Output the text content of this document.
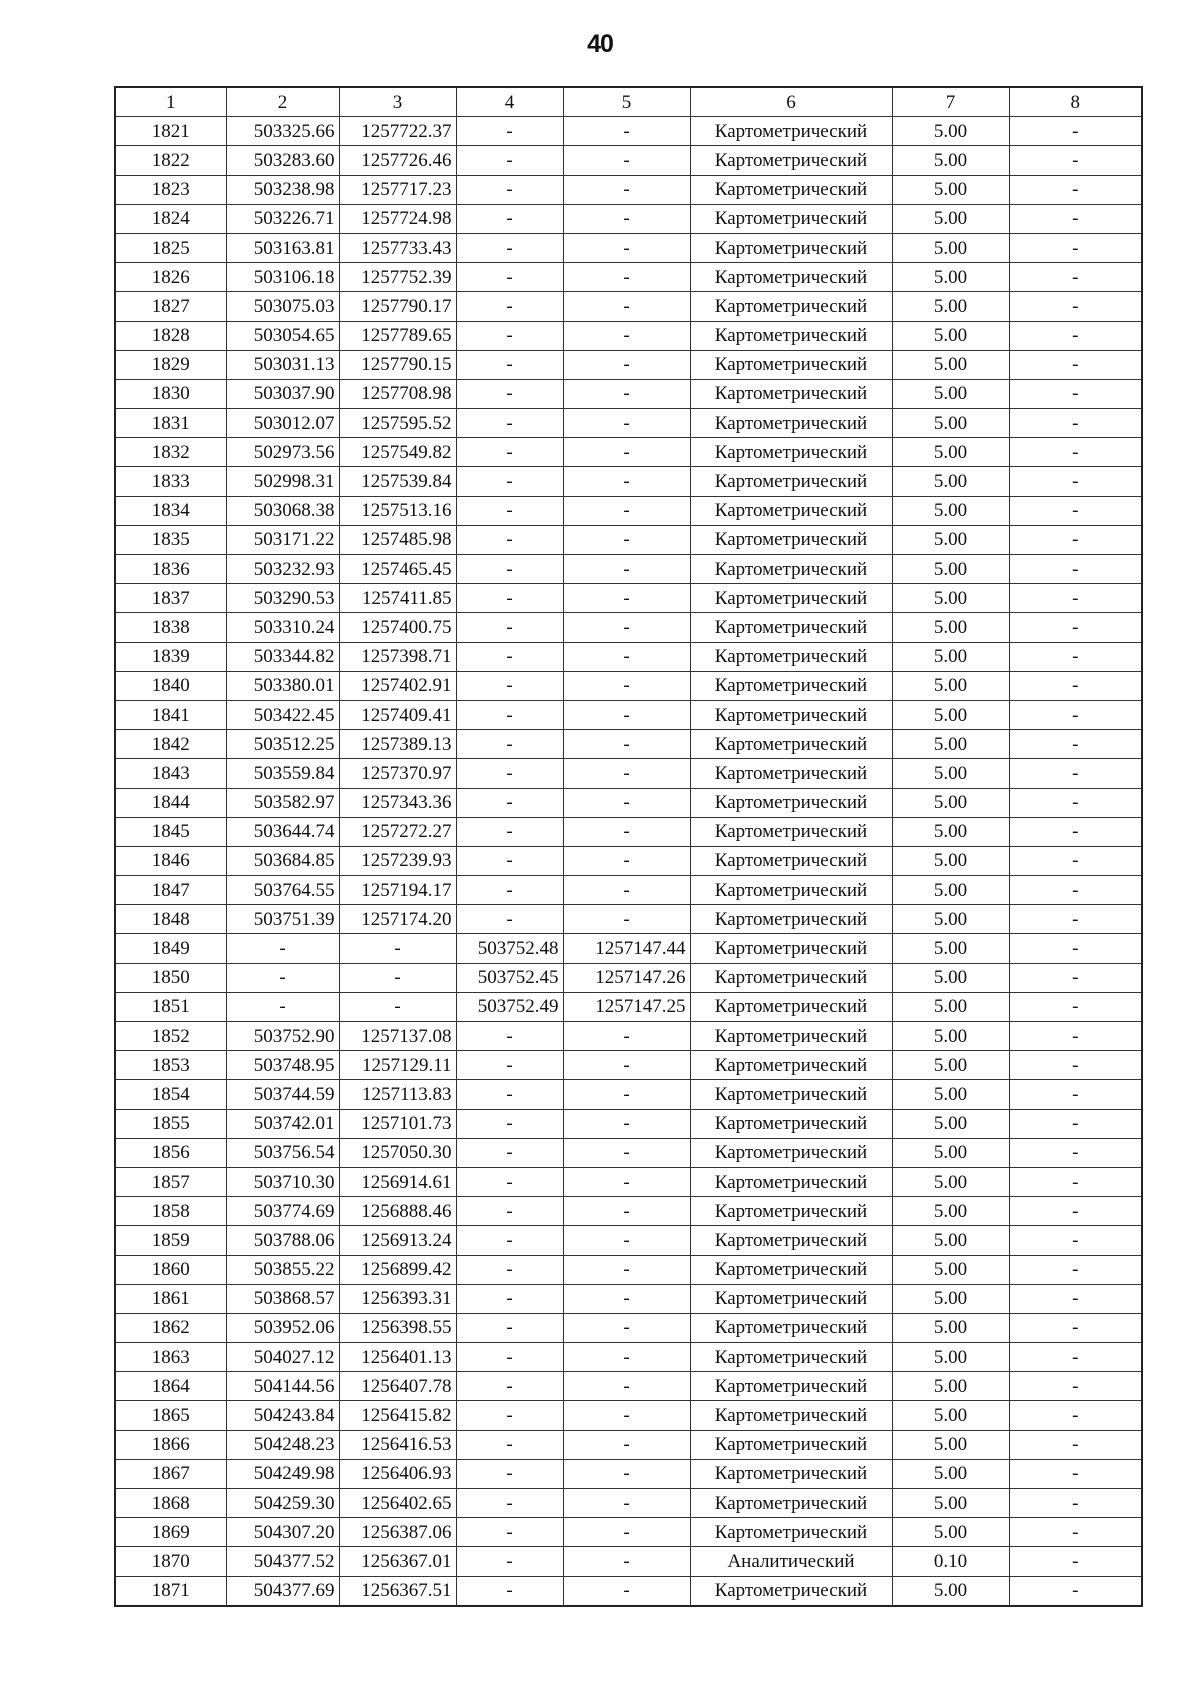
40
1	2	3	4	5	6	7	8
1821	503325.66	1257722.37	-	-	Картометрический	5.00	-
1822	503283.60	1257726.46	-	-	Картометрический	5.00	-
1823	503238.98	1257717.23	-	-	Картометрический	5.00	-
1824	503226.71	1257724.98	-	-	Картометрический	5.00	-
1825	503163.81	1257733.43	-	-	Картометрический	5.00	-
1826	503106.18	1257752.39	-	-	Картометрический	5.00	-
1827	503075.03	1257790.17	-	-	Картометрический	5.00	-
1828	503054.65	1257789.65	-	-	Картометрический	5.00	-
1829	503031.13	1257790.15	-	-	Картометрический	5.00	-
1830	503037.90	1257708.98	-	-	Картометрический	5.00	-
1831	503012.07	1257595.52	-	-	Картометрический	5.00	-
1832	502973.56	1257549.82	-	-	Картометрический	5.00	-
1833	502998.31	1257539.84	-	-	Картометрический	5.00	-
1834	503068.38	1257513.16	-	-	Картометрический	5.00	-
1835	503171.22	1257485.98	-	-	Картометрический	5.00	-
1836	503232.93	1257465.45	-	-	Картометрический	5.00	-
1837	503290.53	1257411.85	-	-	Картометрический	5.00	-
1838	503310.24	1257400.75	-	-	Картометрический	5.00	-
1839	503344.82	1257398.71	-	-	Картометрический	5.00	-
1840	503380.01	1257402.91	-	-	Картометрический	5.00	-
1841	503422.45	1257409.41	-	-	Картометрический	5.00	-
1842	503512.25	1257389.13	-	-	Картометрический	5.00	-
1843	503559.84	1257370.97	-	-	Картометрический	5.00	-
1844	503582.97	1257343.36	-	-	Картометрический	5.00	-
1845	503644.74	1257272.27	-	-	Картометрический	5.00	-
1846	503684.85	1257239.93	-	-	Картометрический	5.00	-
1847	503764.55	1257194.17	-	-	Картометрический	5.00	-
1848	503751.39	1257174.20	-	-	Картометрический	5.00	-
1849	-	-	503752.48	1257147.44	Картометрический	5.00	-
1850	-	-	503752.45	1257147.26	Картометрический	5.00	-
1851	-	-	503752.49	1257147.25	Картометрический	5.00	-
1852	503752.90	1257137.08	-	-	Картометрический	5.00	-
1853	503748.95	1257129.11	-	-	Картометрический	5.00	-
1854	503744.59	1257113.83	-	-	Картометрический	5.00	-
1855	503742.01	1257101.73	-	-	Картометрический	5.00	-
1856	503756.54	1257050.30	-	-	Картометрический	5.00	-
1857	503710.30	1256914.61	-	-	Картометрический	5.00	-
1858	503774.69	1256888.46	-	-	Картометрический	5.00	-
1859	503788.06	1256913.24	-	-	Картометрический	5.00	-
1860	503855.22	1256899.42	-	-	Картометрический	5.00	-
1861	503868.57	1256393.31	-	-	Картометрический	5.00	-
1862	503952.06	1256398.55	-	-	Картометрический	5.00	-
1863	504027.12	1256401.13	-	-	Картометрический	5.00	-
1864	504144.56	1256407.78	-	-	Картометрический	5.00	-
1865	504243.84	1256415.82	-	-	Картометрический	5.00	-
1866	504248.23	1256416.53	-	-	Картометрический	5.00	-
1867	504249.98	1256406.93	-	-	Картометрический	5.00	-
1868	504259.30	1256402.65	-	-	Картометрический	5.00	-
1869	504307.20	1256387.06	-	-	Картометрический	5.00	-
1870	504377.52	1256367.01	-	-	Аналитический	0.10	-
1871	504377.69	1256367.51	-	-	Картометрический	5.00	-
